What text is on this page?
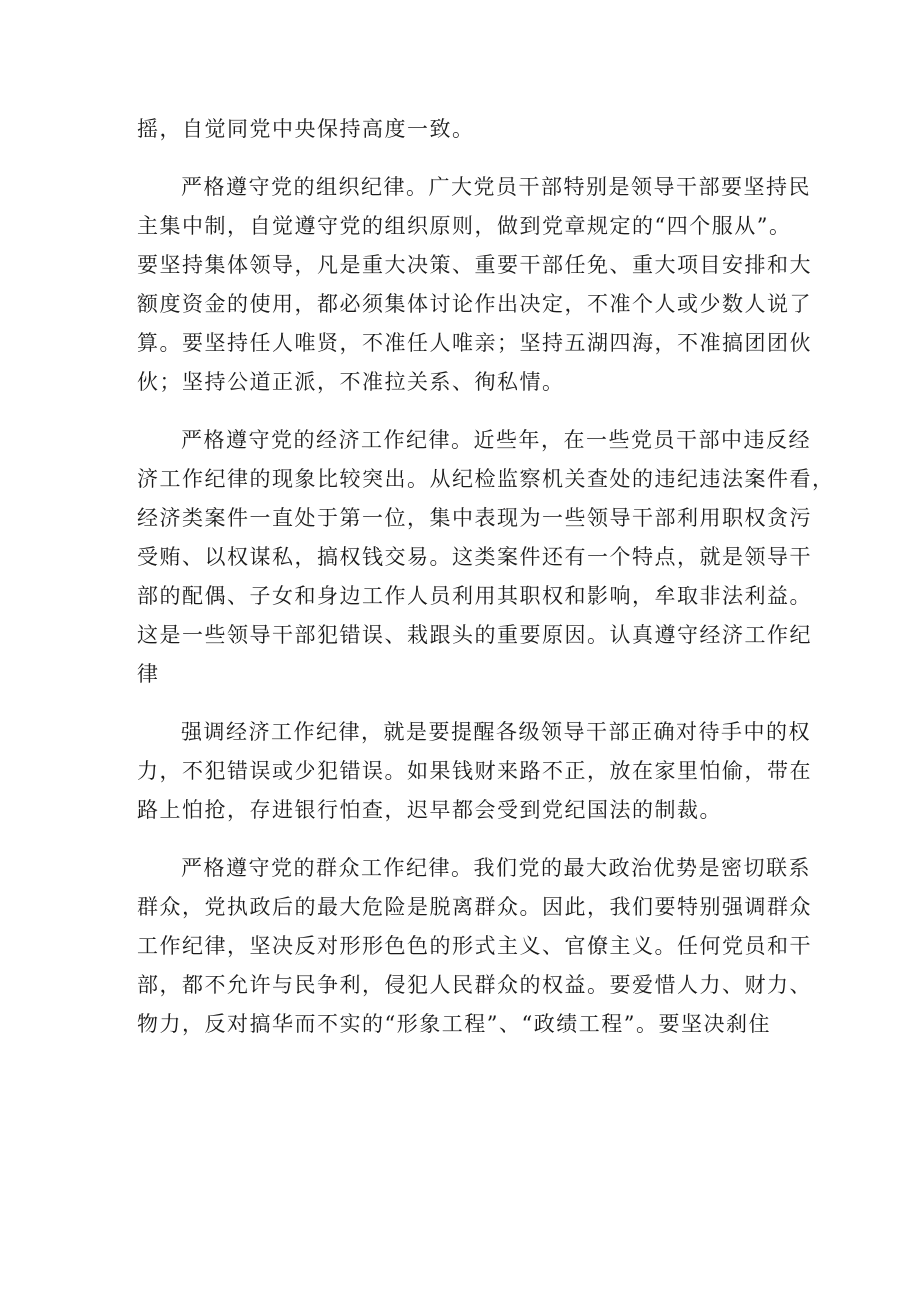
摇，自觉同党中央保持高度一致。
严格遵守党的组织纪律。广大党员干部特别是领导干部要坚持民
主集中制，自觉遵守党的组织原则，做到党章规定的“四个服从”。
要坚持集体领导，凡是重大决策、重要干部任免、重大项目安排和大
额度资金的使用，都必须集体讨论作出决定，不准个人或少数人说了
算。要坚持任人唯贤，不准任人唯亲；坚持五湖四海，不准搞团团伙
伙；坚持公道正派，不准拉关系、徇私情。
严格遵守党的经济工作纪律。近些年，在一些党员干部中违反经
济工作纪律的现象比较突出。从纪检监察机关查处的违纪违法案件看，
经济类案件一直处于第一位，集中表现为一些领导干部利用职权贪污
受贿、以权谋私，搞权钱交易。这类案件还有一个特点，就是领导干
部的配偶、子女和身边工作人员利用其职权和影响，牟取非法利益。
这是一些领导干部犯错误、栽跟头的重要原因。认真遵守经济工作纪
律
强调经济工作纪律，就是要提醒各级领导干部正确对待手中的权
力，不犯错误或少犯错误。如果钱财来路不正，放在家里怕偷，带在
路上怕抢，存进银行怕查，迟早都会受到党纪国法的制裁。
严格遵守党的群众工作纪律。我们党的最大政治优势是密切联系
群众，党执政后的最大危险是脱离群众。因此，我们要特别强调群众
工作纪律，坚决反对形形色色的形式主义、官僚主义。任何党员和干
部，都不允许与民争利，侵犯人民群众的权益。要爱惜人力、财力、
物力，反对搞华而不实的“形象工程”、“政绩工程”。要坚决刹住
